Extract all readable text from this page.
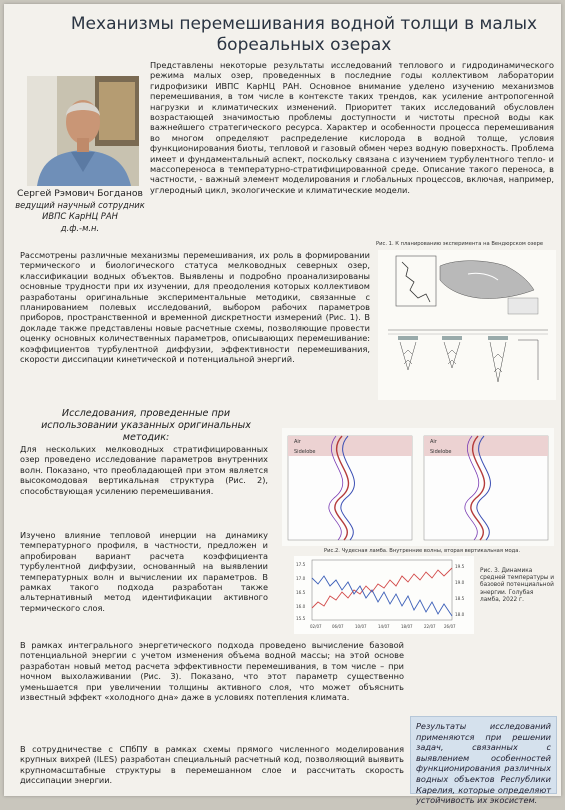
Механизмы перемешивания водной толщи в малых бореальных озерах
Сергей Рэмович Богданов
ведущий научный сотрудник ИВПС КарНЦ РАН
д.ф.-м.н.

Представлены некоторые результаты исследований теплового и гидродинамического режима малых озер, проведенных в последние годы коллективом лаборатории гидрофизики ИВПС КарНЦ РАН. Основное внимание уделено изучению механизмов перемешивания, в том числе в контексте таких трендов, как усиление антропогенной нагрузки и климатических изменений. Приоритет таких исследований обусловлен возрастающей значимостью проблемы доступности и чистоты пресной воды как важнейшего стратегического ресурса. Характер и особенности процесса перемешивания во многом определяют распределение кислорода в водной толще, условия функционирования биоты, тепловой и газовый обмен через водную поверхность. Проблема имеет и фундаментальный аспект, поскольку связана с изучением турбулентного тепло- и массопереноса в температурно-стратифицированной среде. Описание такого переноса, в частности, - важный элемент моделирования и глобальных процессов, включая, например, углеродный цикл, экологические и климатические модели.

Рассмотрены различные механизмы перемешивания, их роль в формировании термического и биологического статуса мелководных северных озер, классификации водных объектов. Выявлены и подробно проанализированы основные трудности при их изучении, для преодоления которых коллективом разработаны оригинальные экспериментальные методики, связанные с планированием полевых исследований, выбором рабочих параметров приборов, пространственной и временной дискретности измерений (Рис. 1). В докладе также представлены новые расчетные схемы, позволяющие провести оценку основных количественных параметров, описывающих перемешивание: коэффициентов турбулентной диффузии, эффективности перемешивания, скорости диссипации кинетической и потенциальной энергий.

Рис. 1. К планированию эксперимента на Вендюрском озере
Исследования, проведенные при использовании указанных оригинальных методик:

Для нескольких мелководных стратифицированных озер проведено исследование параметров внутренних волн. Показано, что преобладающей при этом является высокомодовая вертикальная структура (Рис. 2), способствующая усилению перемешивания.

Air
Sidelobe
Air
Sidelobe
Рис.2. Чудесная ламба. Внутренние волны, вторая вертикальная мода.

Изучено влияние тепловой инерции на динамику температурного профиля, в частности, предложен и апробирован вариант расчета коэффициента турбулентной диффузии, основанный на выявлении температурных волн и вычислении их параметров. В рамках такого подхода разработан также альтернативный метод идентификации активного термического слоя.

17.5
17.0
16.5
16.0
15.5
19.5
19.0
18.5
18.0
02/07	06/07	10/07	14/07	18/07	22/07 26/07
Рис. 3. Динамика средней температуры и базовой потенциальной энергии. Голубая ламба, 2022 г.

В рамках интегрального энергетического подхода проведено вычисление базовой потенциальной энергии с учетом изменения объема водной массы; на этой основе разработан новый метод расчета эффективности перемешивания, в том числе – при ночном выхолаживании (Рис. 3). Показано, что этот параметр существенно уменьшается при увеличении толщины активного слоя, что может объяснить известный эффект «холодного дна» даже в условиях потепления климата.

В сотрудничестве с СПбПУ в рамках схемы прямого численного моделирования крупных вихрей (ILES) разработан специальный расчетный код, позволяющий выявить крупномасштабные структуры в перемешанном слое и рассчитать скорость диссипации энергии.

Результаты исследований применяются при решении задач, связанных с выявлением особенностей функционирования различных водных объектов Республики Карелия, которые определяют устойчивость их экосистем.
